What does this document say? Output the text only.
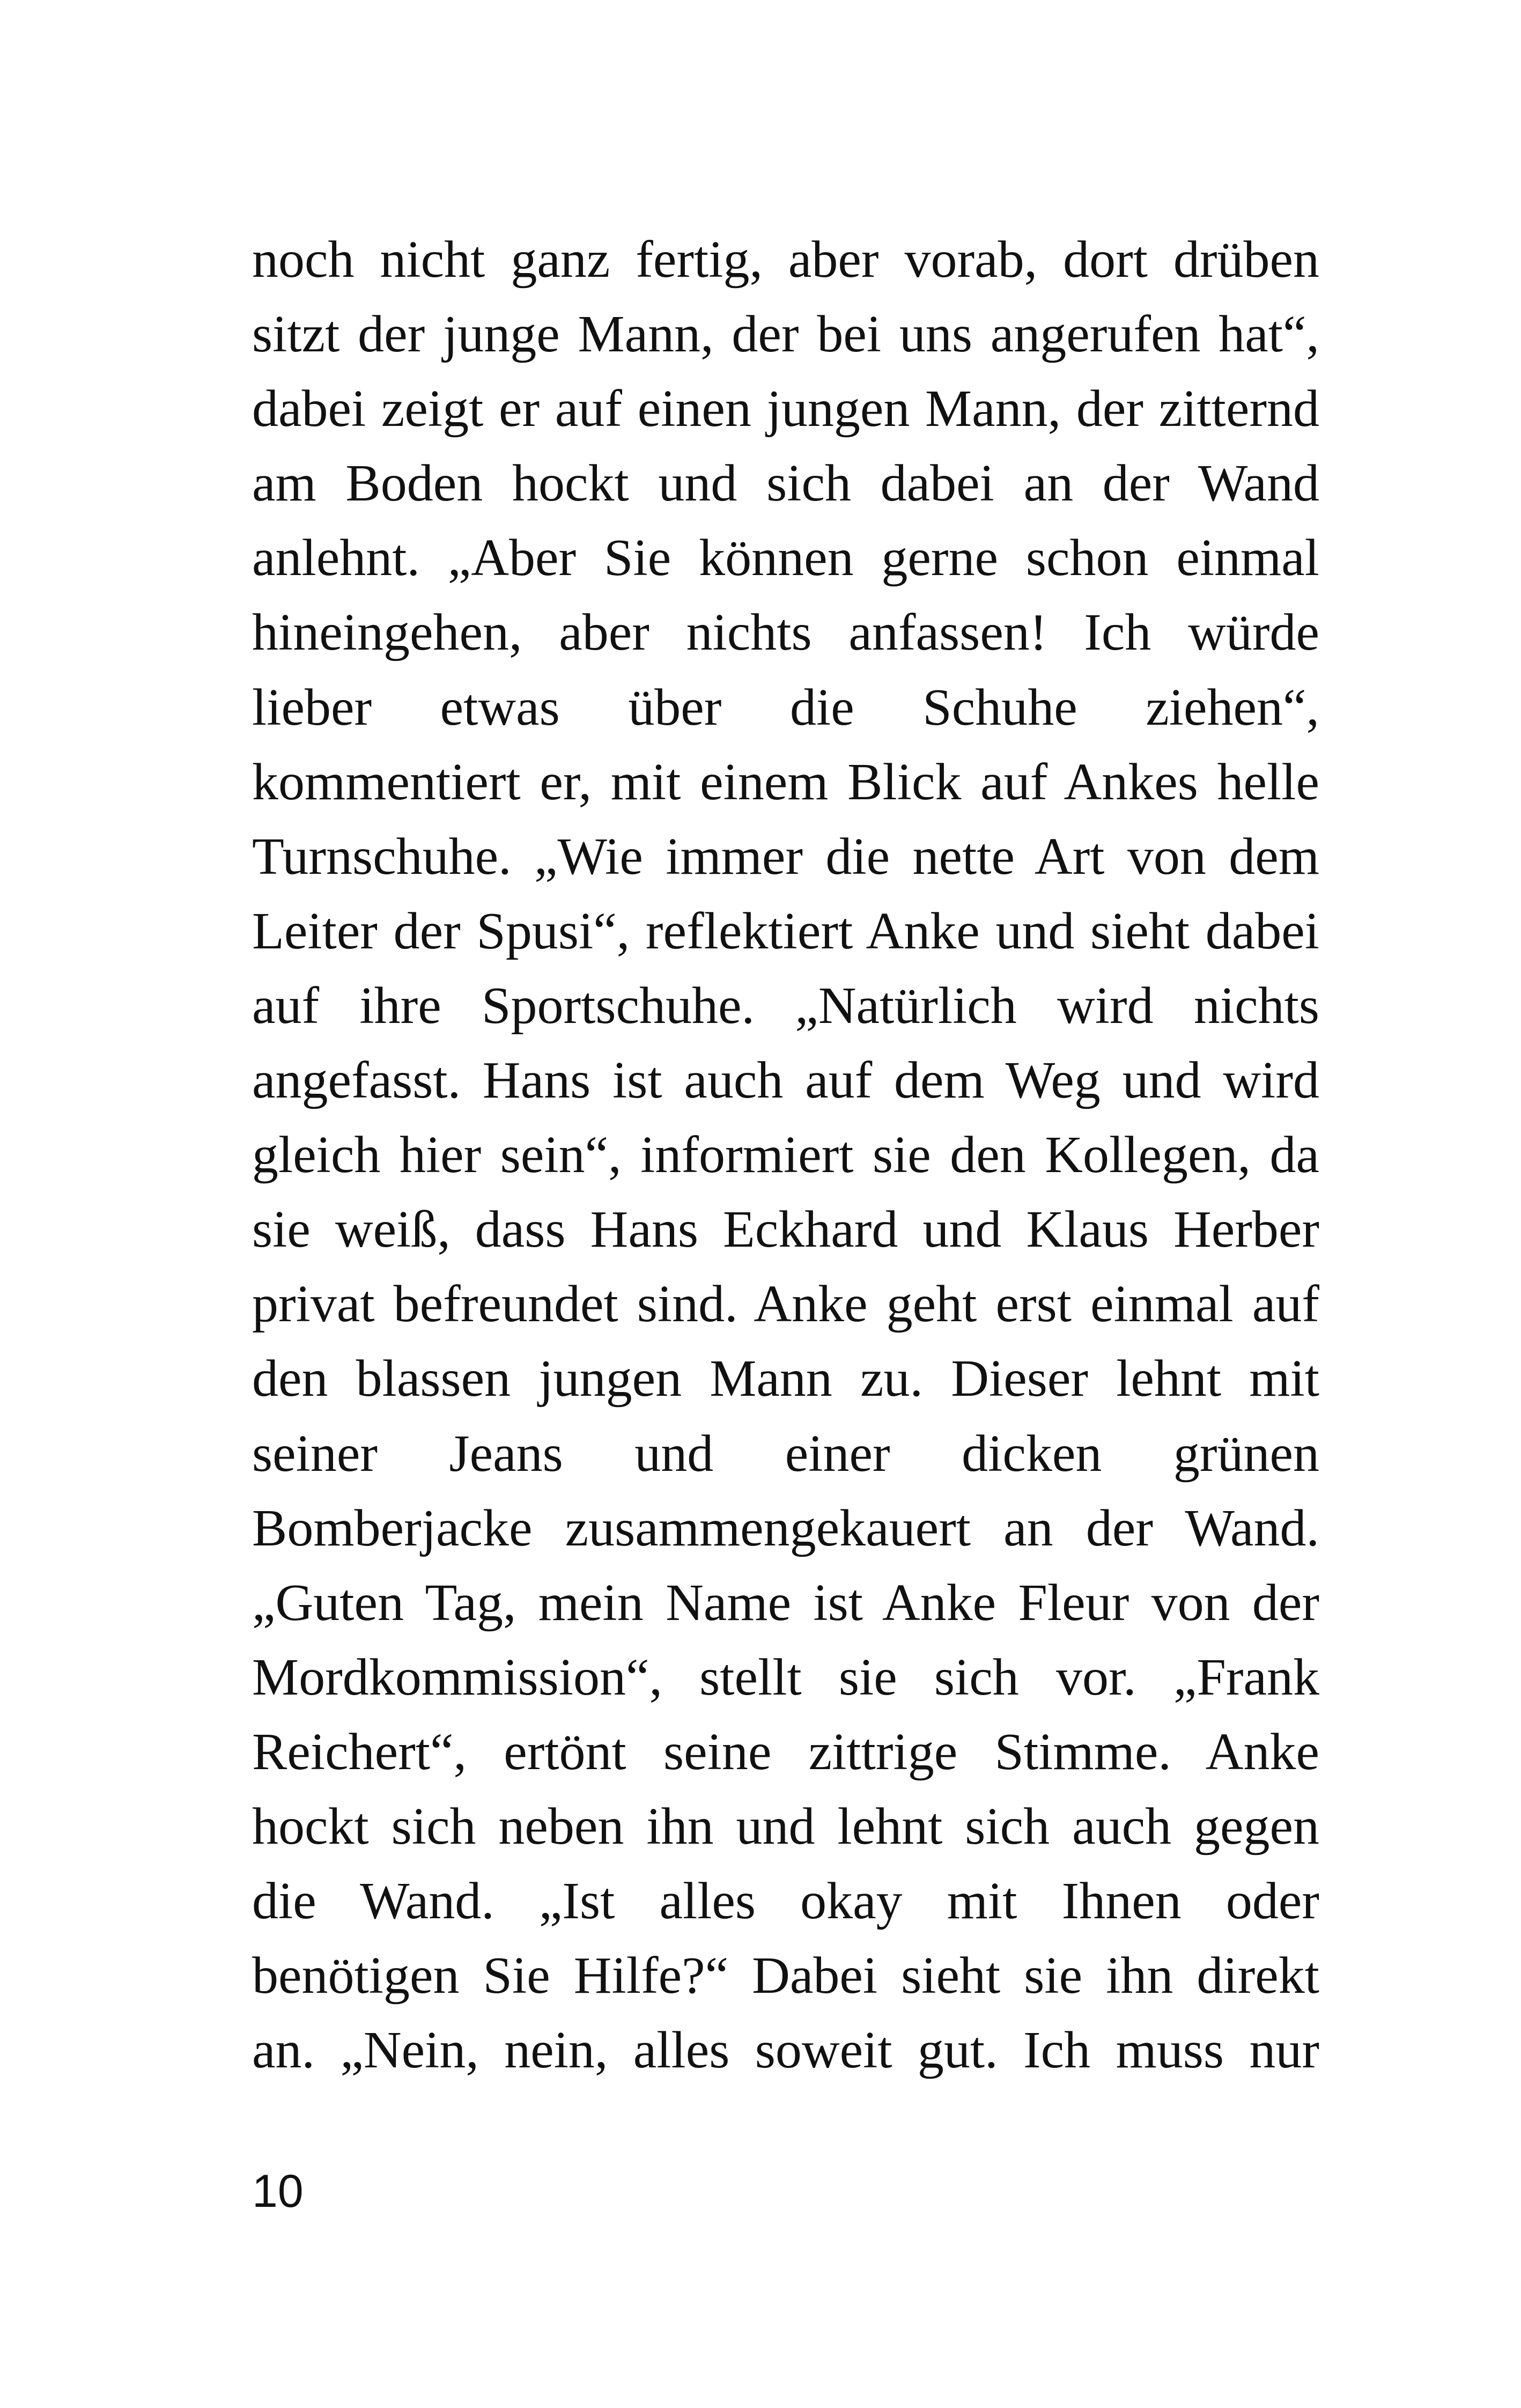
noch nicht ganz fertig, aber vorab, dort drüben
sitzt der junge Mann, der bei uns angerufen hat“,
dabei zeigt er auf einen jungen Mann, der zitternd
am Boden hockt und sich dabei an der Wand
anlehnt. „Aber Sie können gerne schon einmal
hineingehen, aber nichts anfassen! Ich würde
lieber etwas über die Schuhe ziehen“,
kommentiert er, mit einem Blick auf Ankes helle
Turnschuhe. „Wie immer die nette Art von dem
Leiter der Spusi“, reflektiert Anke und sieht dabei
auf ihre Sportschuhe. „Natürlich wird nichts
angefasst. Hans ist auch auf dem Weg und wird
gleich hier sein“, informiert sie den Kollegen, da
sie weiß, dass Hans Eckhard und Klaus Herber
privat befreundet sind. Anke geht erst einmal auf
den blassen jungen Mann zu. Dieser lehnt mit
seiner Jeans und einer dicken grünen
Bomberjacke zusammengekauert an der Wand.
„Guten Tag, mein Name ist Anke Fleur von der
Mordkommission“, stellt sie sich vor. „Frank
Reichert“, ertönt seine zittrige Stimme. Anke
hockt sich neben ihn und lehnt sich auch gegen
die Wand. „Ist alles okay mit Ihnen oder
benötigen Sie Hilfe?“ Dabei sieht sie ihn direkt
an. „Nein, nein, alles soweit gut. Ich muss nur
10
